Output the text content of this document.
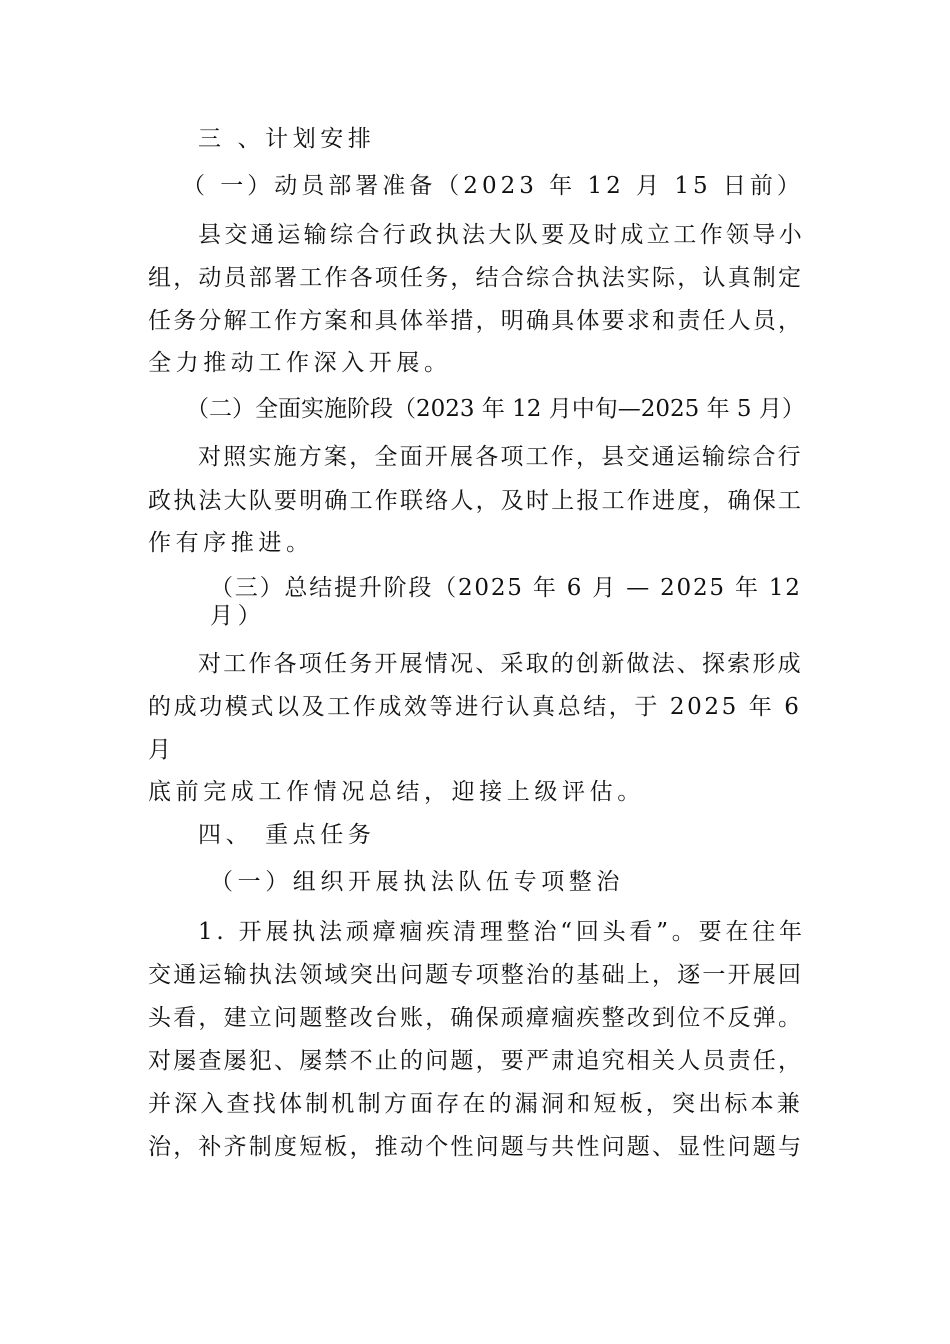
三 、计划安排
（ 一）动员部署准备（2023 年 12 月 15 日前）
县交通运输综合行政执法大队要及时成立工作领导小
组，动员部署工作各项任务，结合综合执法实际，认真制定
任务分解工作方案和具体举措，明确具体要求和责任人员，
全力推动工作深入开展。
（二）全面实施阶段（2023 年 12 月中旬—2025 年 5 月）
对照实施方案，全面开展各项工作，县交通运输综合行
政执法大队要明确工作联络人，及时上报工作进度，确保工
作有序推进。
（三）总结提升阶段（2025 年 6 月 — 2025 年 12
月）
对工作各项任务开展情况、采取的创新做法、探索形成
的成功模式以及工作成效等进行认真总结，于 2025 年 6
月
底前完成工作情况总结，迎接上级评估。
四、 重点任务
（一）组织开展执法队伍专项整治
1. 开展执法顽瘴痼疾清理整治“回头看”。要在往年
交通运输执法领域突出问题专项整治的基础上，逐一开展回
头看，建立问题整改台账，确保顽瘴痼疾整改到位不反弹。
对屡查屡犯、屡禁不止的问题，要严肃追究相关人员责任，
并深入查找体制机制方面存在的漏洞和短板，突出标本兼
治，补齐制度短板，推动个性问题与共性问题、显性问题与
